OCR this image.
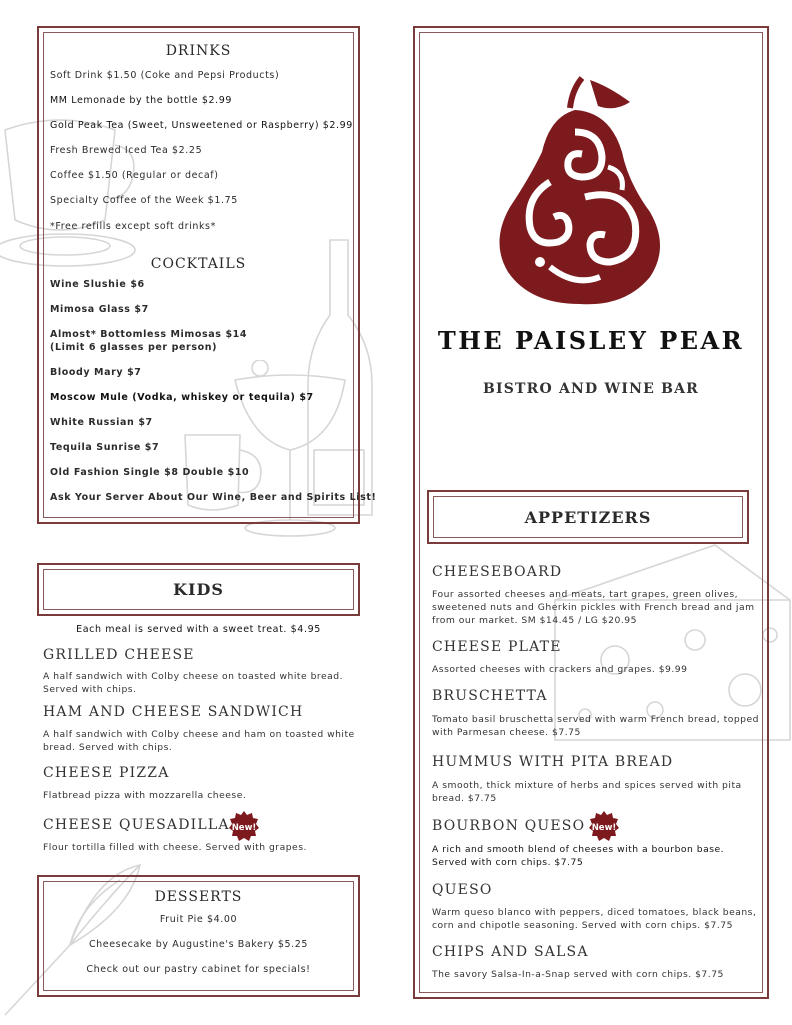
DRINKS
Soft Drink $1.50 (Coke and Pepsi Products)
MM Lemonade by the bottle $2.99
Gold Peak Tea (Sweet, Unsweetened or Raspberry) $2.99
Fresh Brewed Iced Tea $2.25
Coffee $1.50 (Regular or decaf)
Specialty Coffee of the Week $1.75
*Free refills except soft drinks*
COCKTAILS
Wine Slushie $6
Mimosa Glass $7
Almost* Bottomless Mimosas $14
(Limit 6 glasses per person)
Bloody Mary $7
Moscow Mule (Vodka, whiskey or tequila) $7
White Russian $7
Tequila Sunrise $7
Old Fashion Single $8 Double $10
Ask Your Server About Our Wine, Beer and Spirits List!
KIDS
Each meal is served with a sweet treat. $4.95
GRILLED CHEESE
A half sandwich with Colby cheese on toasted white bread.
Served with chips.
HAM AND CHEESE SANDWICH
A half sandwich with Colby cheese and ham on toasted white
bread. Served with chips.
CHEESE PIZZA
Flatbread pizza with mozzarella cheese.
CHEESE QUESADILLA New!
Flour tortilla filled with cheese. Served with grapes.
DESSERTS
Fruit Pie $4.00
Cheesecake by Augustine's Bakery $5.25
Check out our pastry cabinet for specials!
THE PAISLEY PEAR
BISTRO AND WINE BAR
APPETIZERS
CHEESEBOARD
Four assorted cheeses and meats, tart grapes, green olives,
sweetened nuts and Gherkin pickles with French bread and jam
from our market. SM $14.45 / LG $20.95
CHEESE PLATE
Assorted cheeses with crackers and grapes. $9.99
BRUSCHETTA
Tomato basil bruschetta served with warm French bread, topped
with Parmesan cheese. $7.75
HUMMUS WITH PITA BREAD
A smooth, thick mixture of herbs and spices served with pita
bread. $7.75
BOURBON QUESO New!
A rich and smooth blend of cheeses with a bourbon base.
Served with corn chips. $7.75
QUESO
Warm queso blanco with peppers, diced tomatoes, black beans,
corn and chipotle seasoning. Served with corn chips. $7.75
CHIPS AND SALSA
The savory Salsa-In-a-Snap served with corn chips. $7.75
